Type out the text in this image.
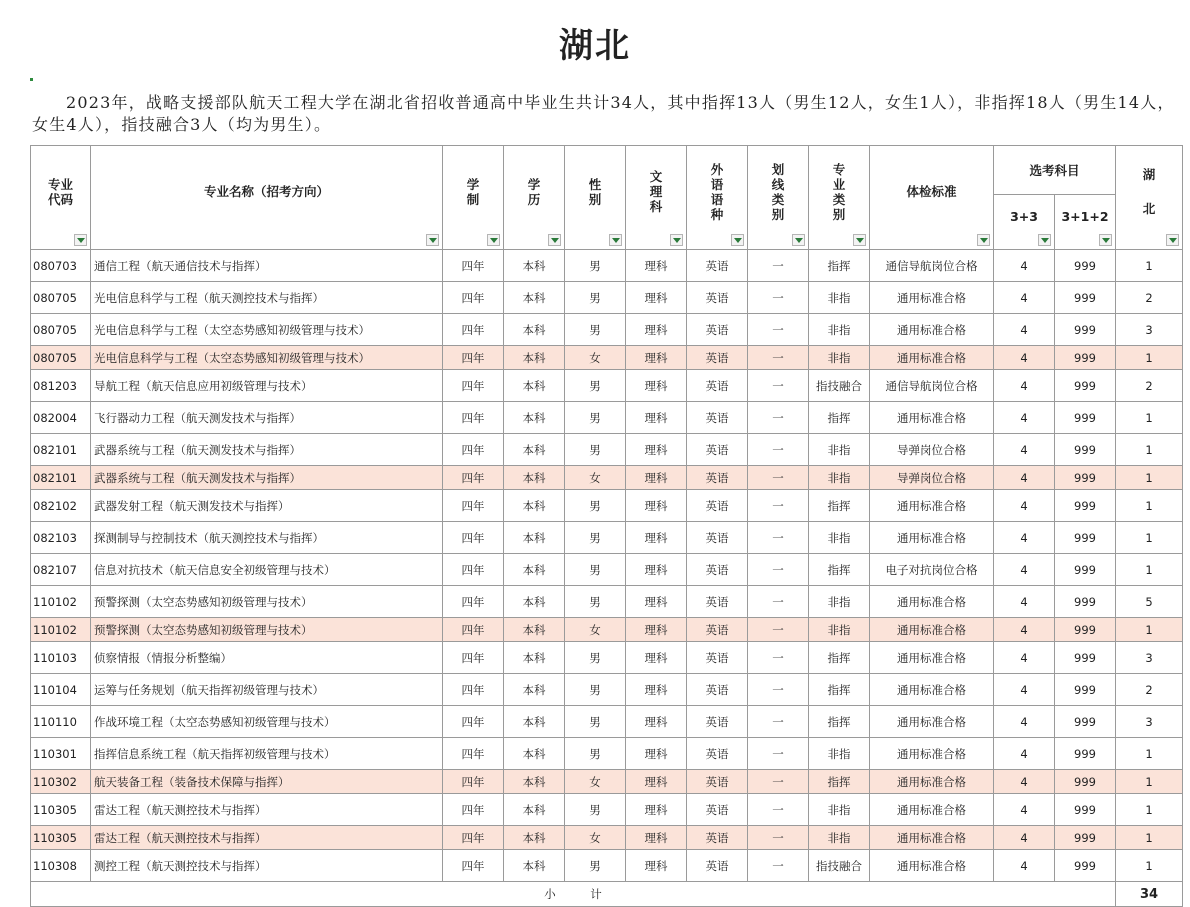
湖北
2023年，战略支援部队航天工程大学在湖北省招收普通高中毕业生共计34人，其中指挥13人（男生12人，女生1人），非指挥18人（男生14人，女生4人），指技融合3人（均为男生）。
专业代码	专业名称（招考方向）	学制	学历	性别	文理科	外语语种	划线类别	专业类别	体检标准	选考科目		湖北

										3+3	3+1+2	

080703	通信工程（航天通信技术与指挥）	四年	本科	男	理科	英语	一	指挥	通信导航岗位合格	4	999	1
080705	光电信息科学与工程（航天测控技术与指挥）	四年	本科	男	理科	英语	一	非指	通用标准合格	4	999	2
080705	光电信息科学与工程（太空态势感知初级管理与技术）	四年	本科	男	理科	英语	一	非指	通用标准合格	4	999	3
080705	光电信息科学与工程（太空态势感知初级管理与技术）	四年	本科	女	理科	英语	一	非指	通用标准合格	4	999	1
081203	导航工程（航天信息应用初级管理与技术）	四年	本科	男	理科	英语	一	指技融合	通信导航岗位合格	4	999	2
082004	飞行器动力工程（航天测发技术与指挥）	四年	本科	男	理科	英语	一	指挥	通用标准合格	4	999	1
082101	武器系统与工程（航天测发技术与指挥）	四年	本科	男	理科	英语	一	非指	导弹岗位合格	4	999	1
082101	武器系统与工程（航天测发技术与指挥）	四年	本科	女	理科	英语	一	非指	导弹岗位合格	4	999	1
082102	武器发射工程（航天测发技术与指挥）	四年	本科	男	理科	英语	一	指挥	通用标准合格	4	999	1
082103	探测制导与控制技术（航天测控技术与指挥）	四年	本科	男	理科	英语	一	非指	通用标准合格	4	999	1
082107	信息对抗技术（航天信息安全初级管理与技术）	四年	本科	男	理科	英语	一	指挥	电子对抗岗位合格	4	999	1
110102	预警探测（太空态势感知初级管理与技术）	四年	本科	男	理科	英语	一	非指	通用标准合格	4	999	5
110102	预警探测（太空态势感知初级管理与技术）	四年	本科	女	理科	英语	一	非指	通用标准合格	4	999	1
110103	侦察情报（情报分析整编）	四年	本科	男	理科	英语	一	指挥	通用标准合格	4	999	3
110104	运筹与任务规划（航天指挥初级管理与技术）	四年	本科	男	理科	英语	一	指挥	通用标准合格	4	999	2
110110	作战环境工程（太空态势感知初级管理与技术）	四年	本科	男	理科	英语	一	指挥	通用标准合格	4	999	3
110301	指挥信息系统工程（航天指挥初级管理与技术）	四年	本科	男	理科	英语	一	非指	通用标准合格	4	999	1
110302	航天装备工程（装备技术保障与指挥）	四年	本科	女	理科	英语	一	指挥	通用标准合格	4	999	1
110305	雷达工程（航天测控技术与指挥）	四年	本科	男	理科	英语	一	非指	通用标准合格	4	999	1
110305	雷达工程（航天测控技术与指挥）	四年	本科	女	理科	英语	一	非指	通用标准合格	4	999	1
110308	测控工程（航天测控技术与指挥）	四年	本科	男	理科	英语	一	指技融合	通用标准合格	4	999	1
小　　　计												34
